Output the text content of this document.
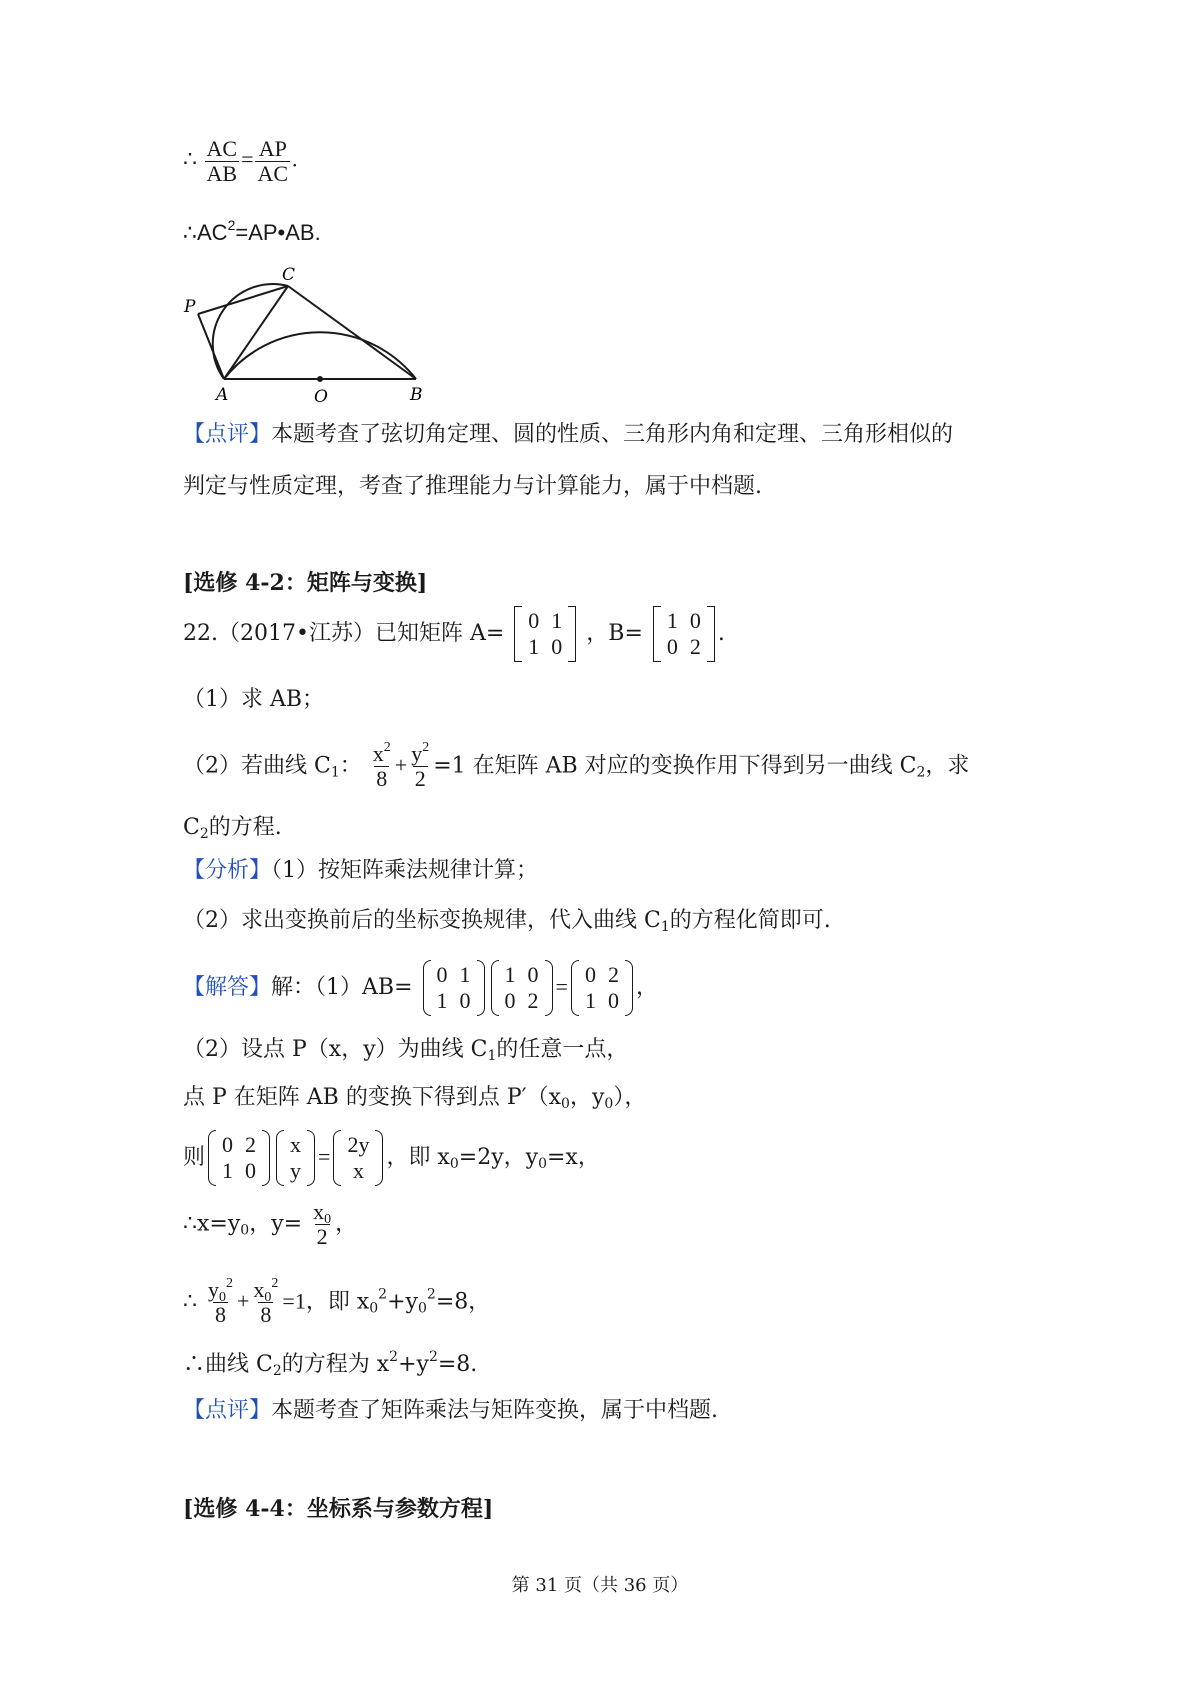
∴ $\frac{AC}{AB} = \frac{AP}{AC}$ .
$\therefore AC^2=AP•AB$.
C
P
A	O	B
【点评】本题考查了弦切角定理、圆的性质、三角形内角和定理、三角形相似的
判定与性质定理，考查了推理能力与计算能力，属于中档题.
[选修 4-2：矩阵与变换]
22.（2017•江苏）已知矩阵 A=
0 1
1 0
，B=
1 0
0 2
.
（1）求 AB；
（2）若曲线 $C_1$： $\frac{x^2}{8} + \frac{y^2}{2} =1$ 在矩阵 AB 对应的变换作用下得到另一曲线 $C_2$，求
$C_2$的方程.
【分析】（1）按矩阵乘法规律计算；
（2）求出变换前后的坐标变换规律，代入曲线 $C_1$的方程化简即可.
【解答】解：（1）AB=
0 1
1 0
1 0
0 2
= 0 2
1 0
，
（2）设点 P（x，y）为曲线 $C_1$的任意一点，
点 P 在矩阵 AB 的变换下得到点 $P'(x_0$，$y_0$），
则
0 2
1 0
x
y
= 2y
x
，即 $x_0=2y$，$y_0=x$，
$\therefore x=y_0$，$y= \frac{x_0}{2}$ ，
∴ $\frac{y_0^2}{8} + \frac{x_0^2}{8} =1$，即 $x_0^2+y_0^2=8$，
∴曲线 $C_2$的方程为 $x^2+y^2=8$.
【点评】本题考查了矩阵乘法与矩阵变换，属于中档题.
[选修 4-4：坐标系与参数方程]
第 31 页（共 36 页）
